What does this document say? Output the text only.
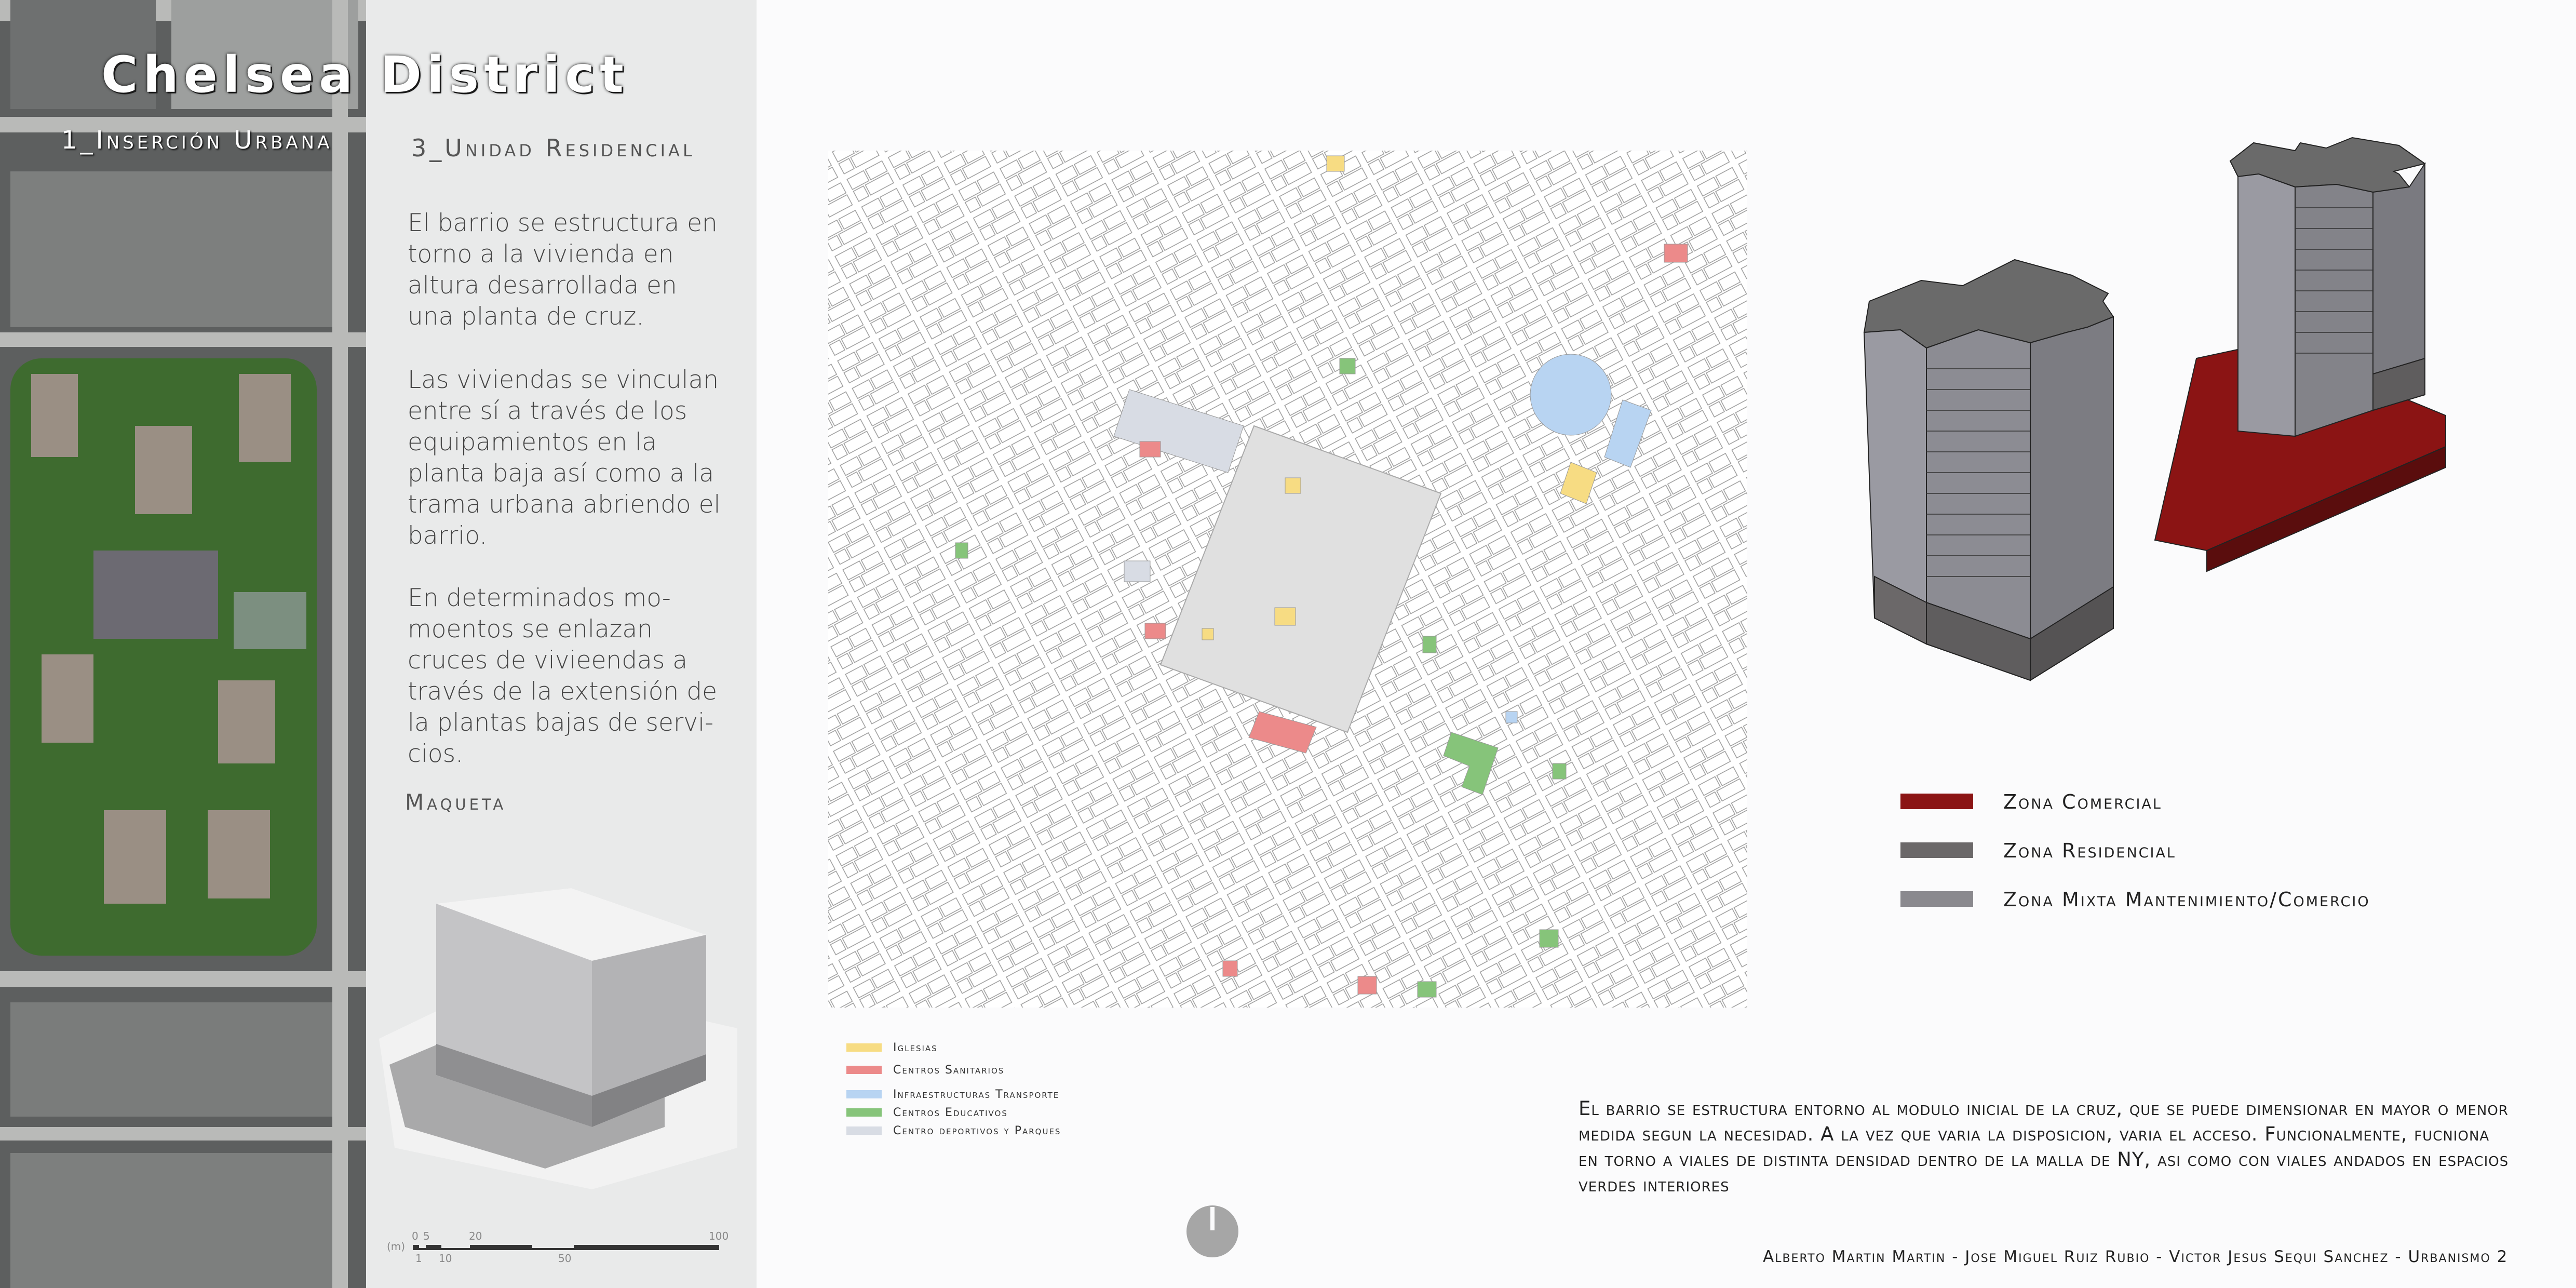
Chelsea District
1_Inserción Urbana	3_Unidad Residencial
El barrio se estructura en torno a la vivienda en altura desarrollada en una planta de cruz.
Las viviendas se vinculan entre sí a través de los equipamientos en la planta baja así como a la trama urbana abriendo el barrio.
En determinados mo-moentos se enlazan cruces de vivieendas a través de la extensión de la plantas bajas de servi-cios.
Maqueta
(m)
0 5	20	100
1 10	50
Iglesias
Centros Sanitarios
Infraestructuras Transporte
Centros Educativos
Centro deportivos y Parques
Zona Comercial
Zona Residencial
Zona Mixta Mantenimiento/Comercio
El barrio se estructura entorno al modulo inicial de la cruz, que se puede dimensionar en mayor o menor medida segun la necesidad. A la vez que varia la disposicion, varia el acceso. Funcionalmente, fucniona en torno a viales de distinta densidad dentro de la malla de NY, asi como con viales andados en espacios verdes interiores
Alberto Martin Martin - Jose Miguel Ruiz Rubio - Victor Jesus Sequi Sanchez - Urbanismo 2
